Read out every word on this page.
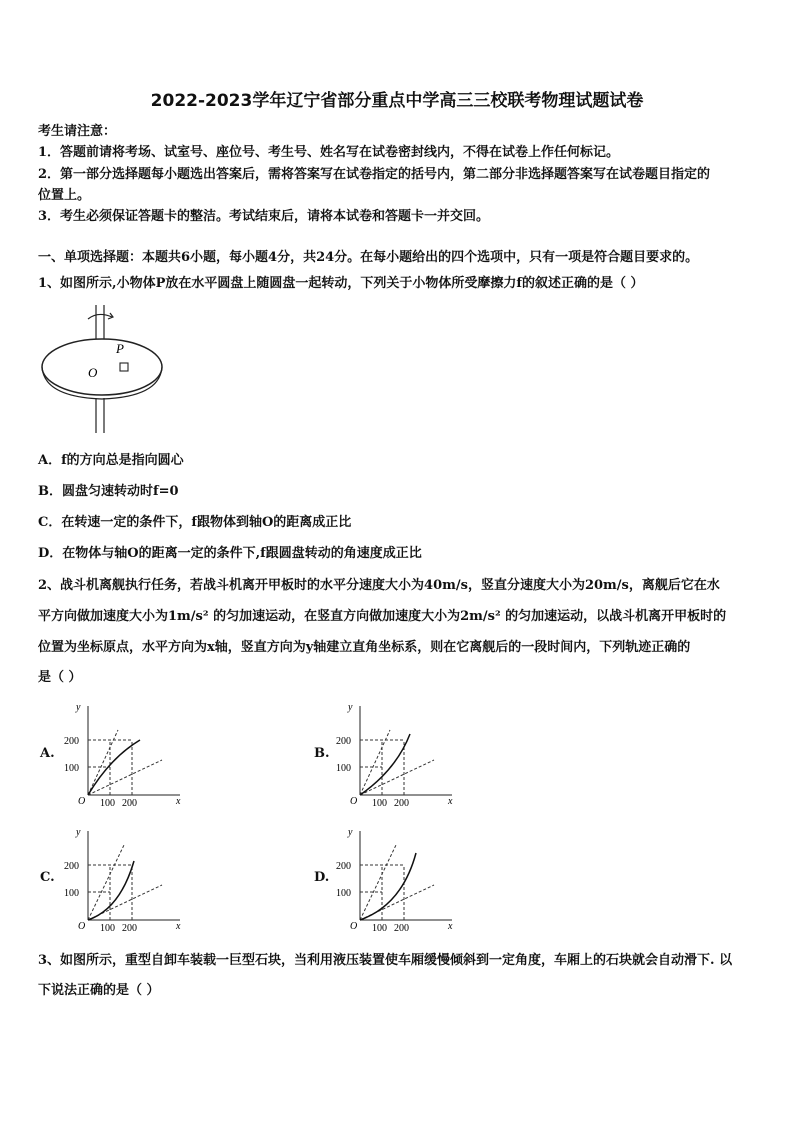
2022-2023学年辽宁省部分重点中学高三三校联考物理试题试卷
考生请注意：
1．答题前请将考场、试室号、座位号、考生号、姓名写在试卷密封线内，不得在试卷上作任何标记。
2．第一部分选择题每小题选出答案后，需将答案写在试卷指定的括号内，第二部分非选择题答案写在试卷题目指定的
位置上。
3．考生必须保证答题卡的整洁。考试结束后，请将本试卷和答题卡一并交回。
一、单项选择题：本题共6小题，每小题4分，共24分。在每小题给出的四个选项中，只有一项是符合题目要求的。
1、如图所示,小物体P放在水平圆盘上随圆盘一起转动，下列关于小物体所受摩擦力f的叙述正确的是（ ）
P
O
A．f的方向总是指向圆心
B．圆盘匀速转动时f=0
C．在转速一定的条件下，f跟物体到轴O的距离成正比
D．在物体与轴O的距离一定的条件下,f跟圆盘转动的角速度成正比
2、战斗机离舰执行任务，若战斗机离开甲板时的水平分速度大小为40m/s，竖直分速度大小为20m/s，离舰后它在水
平方向做加速度大小为1m/s² 的匀加速运动，在竖直方向做加速度大小为2m/s² 的匀加速运动，以战斗机离开甲板时的
位置为坐标原点，水平方向为x轴，竖直方向为y轴建立直角坐标系，则在它离舰后的一段时间内，下列轨迹正确的
是（ ）
A.	B.
C.	D.
y
x
O
200
100
100 200
y
x
O
200
100
100 200
y
x
O
200
100
100 200
y
x
O
200
100
100 200
3、如图所示，重型自卸车装载一巨型石块，当利用液压装置使车厢缓慢倾斜到一定角度，车厢上的石块就会自动滑下. 以
下说法正确的是（ ）
